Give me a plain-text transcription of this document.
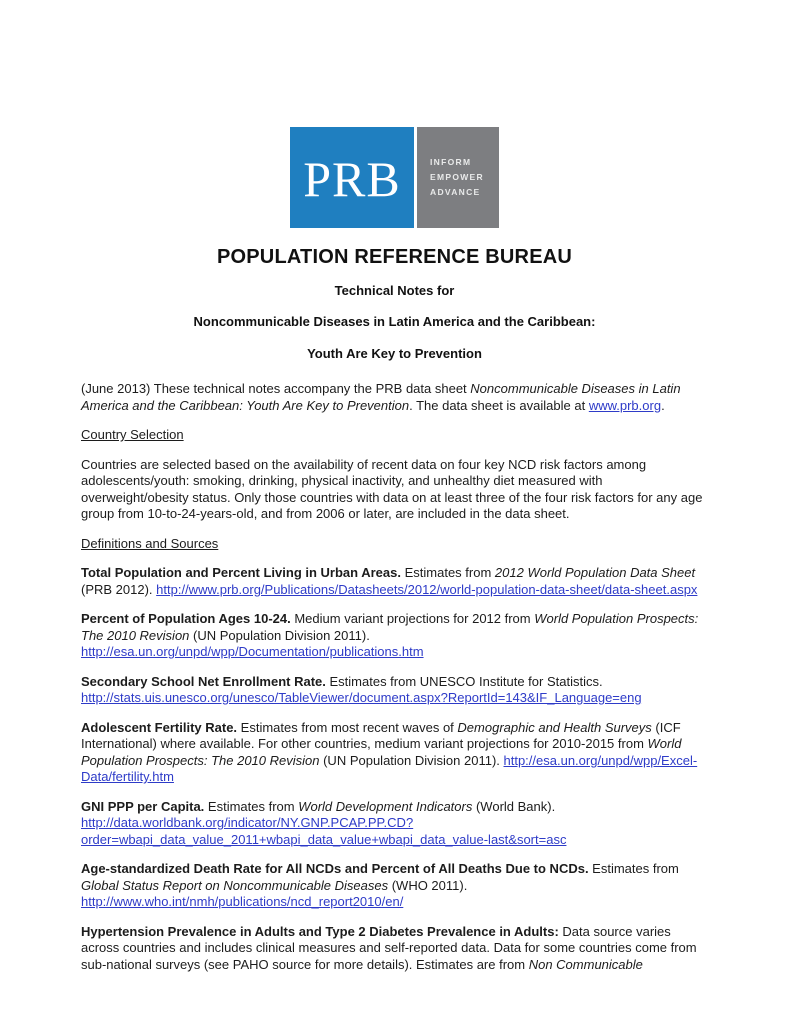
PRB	INFORM
EMPOWER
ADVANCE
POPULATION REFERENCE BUREAU
Technical Notes for
Noncommunicable Diseases in Latin America and the Caribbean:
Youth Are Key to Prevention

(June 2013) These technical notes accompany the PRB data sheet Noncommunicable Diseases in Latin America and the Caribbean: Youth Are Key to Prevention. The data sheet is available at www.prb.org.

Country Selection

Countries are selected based on the availability of recent data on four key NCD risk factors among adolescents/youth: smoking, drinking, physical inactivity, and unhealthy diet measured with overweight/obesity status. Only those countries with data on at least three of the four risk factors for any age group from 10-to-24-years-old, and from 2006 or later, are included in the data sheet.

Definitions and Sources

Total Population and Percent Living in Urban Areas. Estimates from 2012 World Population Data Sheet (PRB 2012). http://www.prb.org/Publications/Datasheets/2012/world-population-data-sheet/data-sheet.aspx

Percent of Population Ages 10-24. Medium variant projections for 2012 from World Population Prospects: The 2010 Revision (UN Population Division 2011). http://esa.un.org/unpd/wpp/Documentation/publications.htm

Secondary School Net Enrollment Rate. Estimates from UNESCO Institute for Statistics. http://stats.uis.unesco.org/unesco/TableViewer/document.aspx?ReportId=143&IF_Language=eng

Adolescent Fertility Rate. Estimates from most recent waves of Demographic and Health Surveys (ICF International) where available. For other countries, medium variant projections for 2010-2015 from World Population Prospects: The 2010 Revision (UN Population Division 2011). http://esa.un.org/unpd/wpp/Excel-Data/fertility.htm

GNI PPP per Capita. Estimates from World Development Indicators (World Bank). http://data.worldbank.org/indicator/NY.GNP.PCAP.PP.CD?order=wbapi_data_value_2011+wbapi_data_value+wbapi_data_value-last&sort=asc

Age-standardized Death Rate for All NCDs and Percent of All Deaths Due to NCDs. Estimates from Global Status Report on Noncommunicable Diseases (WHO 2011). http://www.who.int/nmh/publications/ncd_report2010/en/

Hypertension Prevalence in Adults and Type 2 Diabetes Prevalence in Adults: Data source varies across countries and includes clinical measures and self-reported data. Data for some countries come from sub-national surveys (see PAHO source for more details). Estimates are from Non Communicable
